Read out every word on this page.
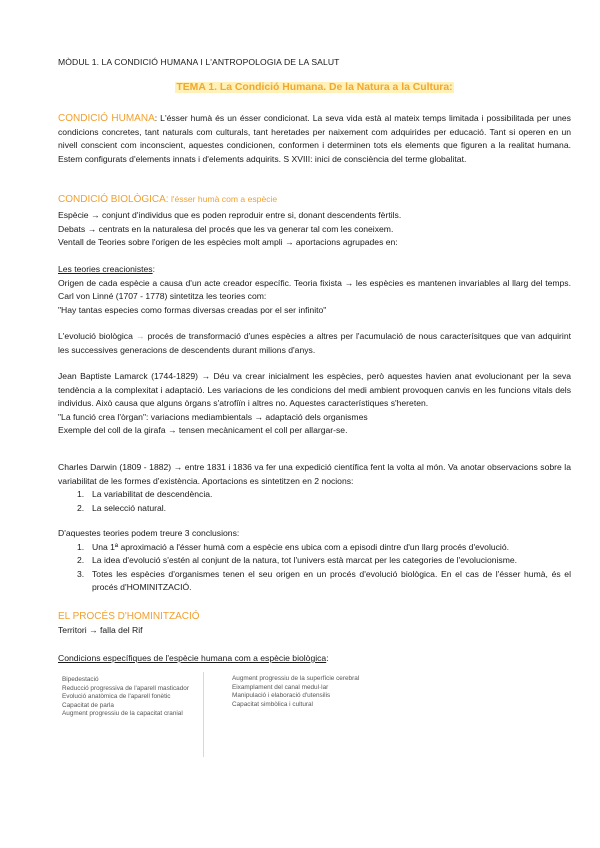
MÒDUL 1. LA CONDICIÓ HUMANA I L'ANTROPOLOGIA DE LA SALUT
TEMA 1. La Condició Humana. De la Natura a la Cultura:
CONDICIÓ HUMANA: L'ésser humà és un ésser condicionat. La seva vida està al mateix temps limitada i possibilitada per unes condicions concretes, tant naturals com culturals, tant heretades per naixement com adquirides per educació. Tant si operen en un nivell conscient com inconscient, aquestes condicionen, conformen i determinen tots els elements que figuren a la realitat humana. Estem configurats d'elements innats i d'elements adquirits. S XVIII: inici de consciència del terme globalitat.
CONDICIÓ BIOLÒGICA: l'ésser humà com a espècie
Espècie → conjunt d'individus que es poden reproduir entre si, donant descendents fèrtils.
Debats → centrats en la naturalesa del procés que les va generar tal com les coneixem.
Ventall de Teories sobre l'origen de les espècies molt ampli → aportacions agrupades en:
Les teories creacionistes:
Origen de cada espècie a causa d'un acte creador específic. Teoria fixista → les espècies es mantenen invariables al llarg del temps. Carl von Linné (1707 - 1778) sintetitza les teories com:
"Hay tantas especies como formas diversas creadas por el ser infinito"
L'evolució biològica → procés de transformació d'unes espècies a altres per l'acumulació de nous caracterísitques que van adquirint les successives generacions de descendents durant milions d'anys.
Jean Baptiste Lamarck (1744-1829) → Déu va crear inicialment les espècies, però aquestes havien anat evolucionant per la seva tendència a la complexitat i adaptació. Les variacions de les condicions del medi ambient provoquen canvis en les funcions vitals dels individus. Això causa que alguns òrgans s'atrofiïn i altres no. Aquestes característiques s'hereten.
"La funció crea l'òrgan": variacions mediambientals → adaptació dels organismes
Exemple del coll de la girafa → tensen mecànicament el coll per allargar-se.
Charles Darwin (1809 - 1882) → entre 1831 i 1836 va fer una expedició científica fent la volta al món. Va anotar observacions sobre la variabilitat de les formes d'existència. Aportacions es sintetitzen en 2 nocions:
1. La variabilitat de descendència.
2. La selecció natural.
D'aquestes teories podem treure 3 conclusions:
1. Una 1ª aproximació a l'ésser humà com a espècie ens ubica com a episodi dintre d'un llarg procés d'evolució.
2. La idea d'evolució s'estén al conjunt de la natura, tot l'univers està marcat per les categories de l'evolucionisme.
3. Totes les espècies d'organismes tenen el seu origen en un procés d'evolució biològica. En el cas de l'ésser humà, és el procés d'HOMINITZACIÓ.
EL PROCÉS D'HOMINITZACIÓ
Territori → falla del Rif
Condicions específiques de l'espècie humana com a espècie biològica:
Bipedestació
Reducció progressiva de l'aparell masticador
Evolució anatòmica de l'aparell fonètic
Capacitat de parla
Augment progressiu de la capacitat cranial
Augment progressiu de la superfície cerebral
Eixamplament del canal medul·lar
Manipulació i elaboració d'utensilis
Capacitat simbòlica i cultural
